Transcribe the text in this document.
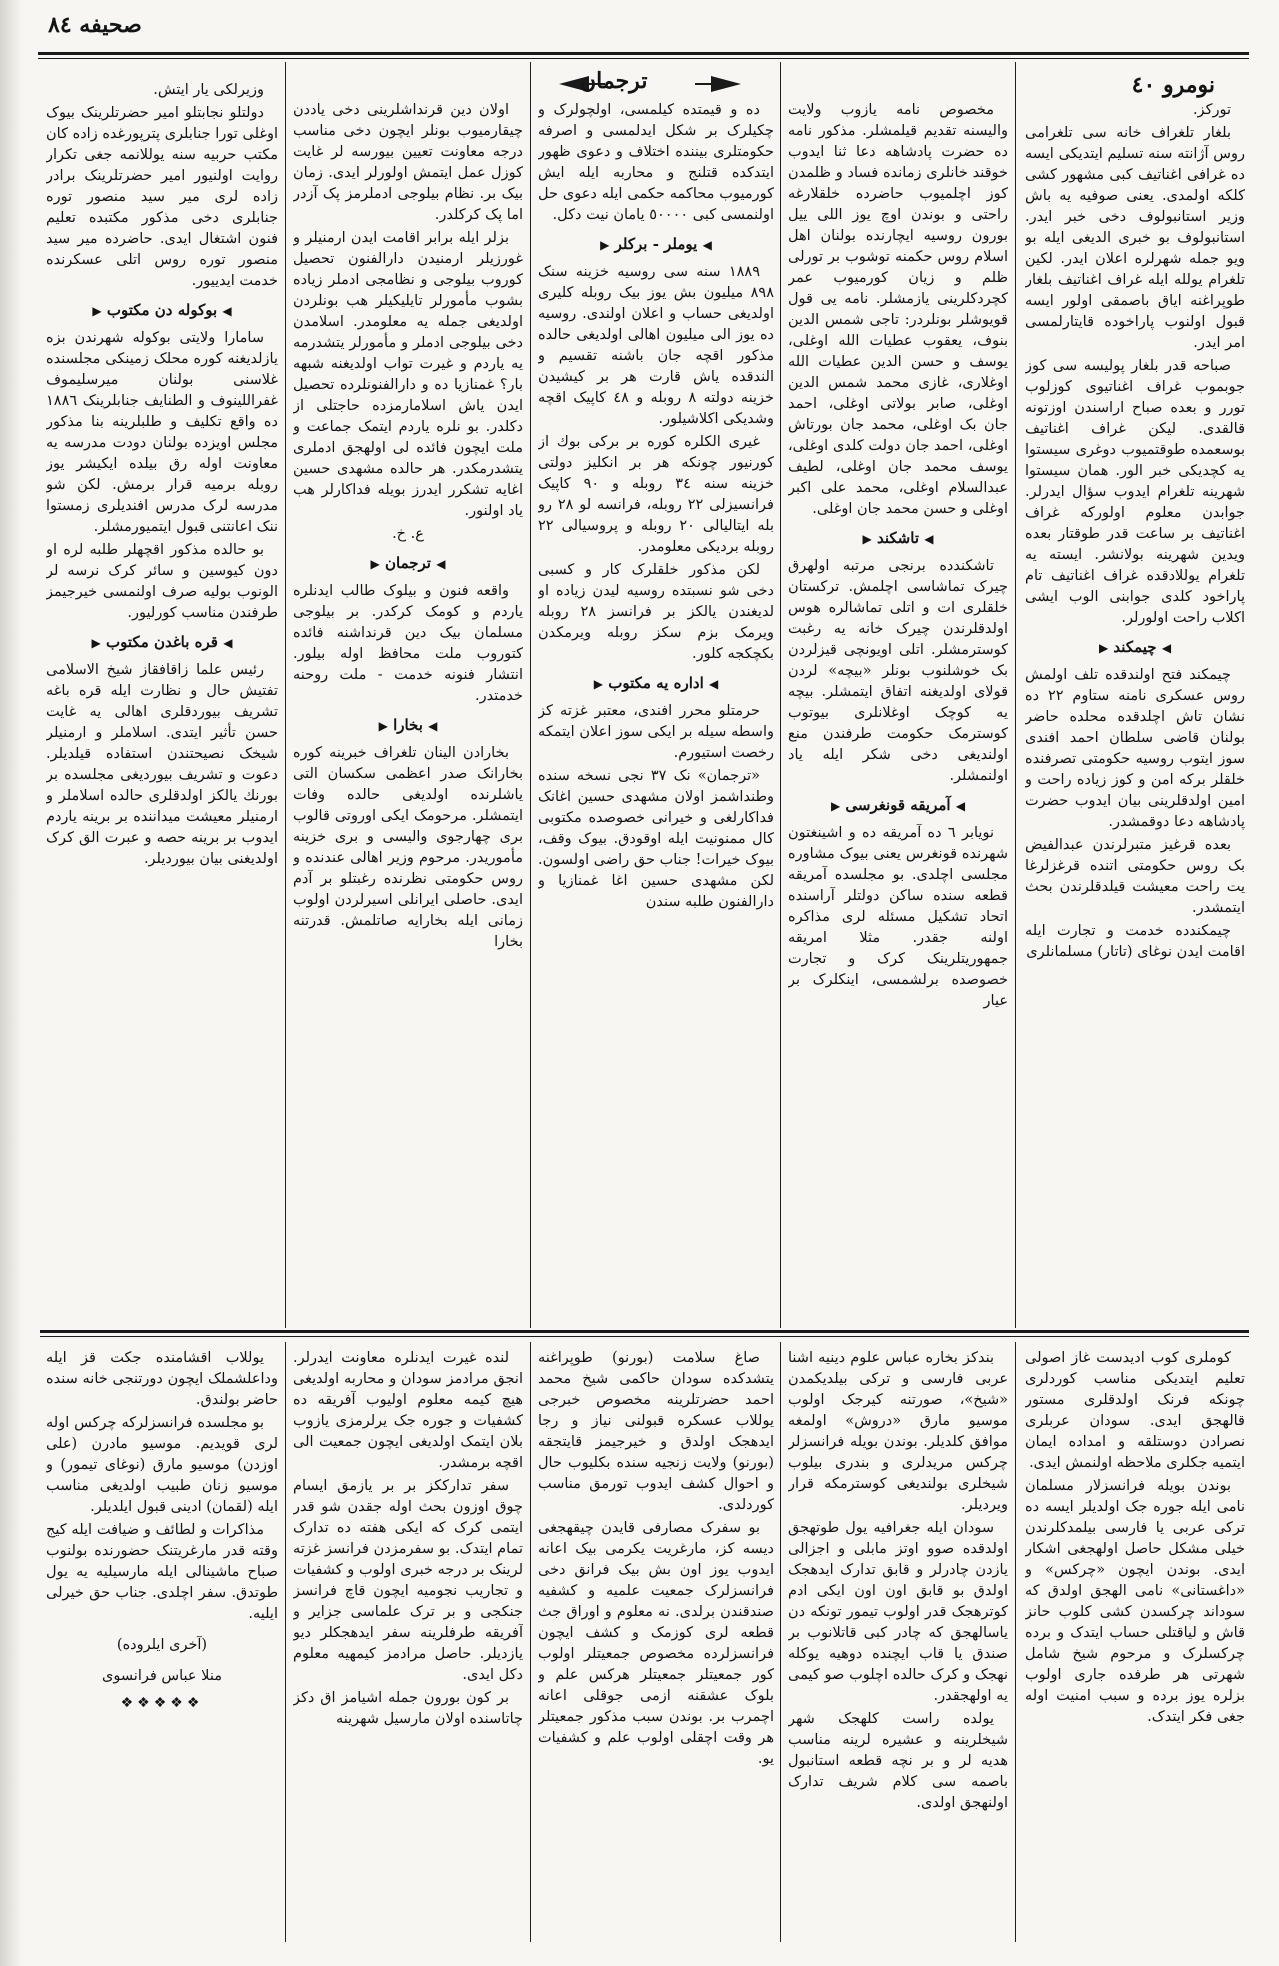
صحیفه ٨٤
نومرو ٤٠
ترجمان

تورکز.

بلغار تلغراف خانه سی تلغرامی روس آژانته سنه تسلیم ایتدیکی ایسه ده غرافی اغناتیف کبی مشهور کشی کلکه اولمدی. یعنی صوفیه یه باش وزیر استانبولوف دخی خبر ایدر. استانبولوف بو خبری الدیغی ایله بو ویو جمله شهرلره اعلان ایدر. لکین تلغرام یولله ایله غراف اغناتیف بلغار طوپراغنه ایاق باصمقی اولور ایسه قبول اولنوب پاراخوده قایتارلمسی امر ایدر.

صباحه قدر بلغار پولیسه سی کوز جوبموب غراف اغناتیوی کوزلوب تورر و بعده صباح اراسندن اوزتونه قالقدی. لیکن غراف اغناتیف بوسعمده طوقتمیوب دوغری سیستوا یه کچدیکی خبر الور. همان سیستوا شهرینه تلغرام ایدوب سؤال ایدرلر. جوابدن معلوم اولورکه غراف اغناتیف بر ساعت قدر طوقتار بعده ویدین شهرینه بولانشر. ایسته یه تلغرام یوللادقده غراف اغناتیف تام پاراخود کلدی جوابنی الوب ایشی اکلاب راحت اولورلر.

◀︎ چیمکند ▶︎

چیمکند فتح اولندقده تلف اولمش روس عسکری نامنه ستاوم ٢٢ ده نشان تاش اچلدقده محلده حاضر بولنان قاضی سلطان احمد افندی سوز ایتوب روسیه حکومتی تصرفنده خلقلر برکه امن و کوز زیاده راحت و امین اولدقلرینی بیان ایدوب حضرت پادشاهه دعا دوقمشدر.

بعده قرغیز متبرلرندن عبدالفیض بک روس حکومتی اتنده قرغزلرغا یت راحت معیشت قیلدقلرندن بحث ایتمشدر.

چیمکندده خدمت و تجارت ایله اقامت ایدن نوغای (تاتار) مسلمانلری

مخصوص نامه یازوب ولایت والیسنه تقدیم قیلمشلر. مذکور نامه ده حضرت پادشاهه دعا ثنا ایدوب خوقند خانلری زمانده فساد و ظلمدن کوز اچلمیوب حاضرده خلقلارغه راحتی و بوندن اوچ یوز اللی ییل بورون روسیه ایچارنده بولنان اهل اسلام روس حکمنه توشوب بر تورلی ظلم و زیان کورمیوب عمر کچردکلرینی یازمشلر. نامه یی قول قویوشلر بونلردر: تاجی شمس الدین بنوف، یعقوب عطیات الله اوغلی، یوسف و حسن الدین عطیات الله اوغلاری، غازی محمد شمس الدین اوغلی، صابر بولاتی اوغلی، احمد جان بک اوغلی، محمد جان بورتاش اوغلی، احمد جان دولت کلدی اوغلی، یوسف محمد جان اوغلی، لطیف عبدالسلام اوغلی، محمد علی اکبر اوغلی و حسن محمد جان اوغلی.

◀︎ تاشکند ▶︎

تاشکندده برنجی مرتبه اولهرق چیرک تماشاسی اچلمش. ترکستان خلقلری ات و اتلی تماشالره هوس اولدقلرندن چیرک خانه یه رغبت کوسترمشلر. اتلی اویونچی قیزلردن بک خوشلنوب بونلر «بیچه» لردن قولای اولدیغنه اتفاق ایتمشلر. بیچه یه کوچک اوغلانلری بیوتوب کوسترمک حکومت طرفندن منع اولندیغی دخی شکر ایله یاد اولنمشلر.

◀︎ آمریقه قونغرسی ▶︎

نویابر ٦ ده آمریقه ده و اشینغتون شهرنده قونغرس یعنی بیوک مشاوره مجلسی اچلدی. بو مجلسده آمریقه قطعه سنده ساکن دولتلر آراسنده اتحاد تشکیل مسئله لری مذاکره اولنه جقدر. مثلا امریقه جمهوریتلرینک کرک و تجارت خصوصده برلشمسی، اینکلرک بر عیار

ده و قیمتده کیلمسی، اولچولرک و چکیلرک بر شکل ایدلمسی و اصرفه حکومتلری بیننده اختلاف و دعوی ظهور ایتدکده قتلنج و محاربه ایله ایش کورمیوب محاکمه حکمی ایله دعوی حل اولنمسی کبی ٥٠٠٠٠ یامان نیت دکل.

◀︎ یوملر - برکلر ▶︎

١٨٨٩ سنه سی روسیه خزینه سنک ٨٩٨ میلیون بش یوز بیک روبله کلیری اولدیغی حساب و اعلان اولندی. روسیه ده یوز الی میلیون اهالی اولدیغی حالده مذکور اقچه جان باشنه تقسیم و الندقده یاش قارت هر بر کیشیدن خزینه دولته ٨ روبله و ٤٨ کاپیک اقچه وشدیکی اکلاشیلور.

غیری الکلره کوره بر برکی بوك از کورنیور چونکه هر بر انکلیز دولتی خزینه سنه ٣٤ روبله و ٩٠ کاپیک فرانسیزلی ٢٢ روبله، فرانسه لو ٢٨ رو بله ایتالیالی ٢٠ روبله و پروسیالی ٢٢ روبله بردیکی معلومدر.

لکن مذکور خلقلرک کار و کسبی دخی شو نسبتده روسیه لیدن زیاده او لدیغندن یالکز بر فرانسز ٢٨ روبله ویرمک بزم سکز روبله ویرمکدن بکچکجه کلور.

◀︎ اداره یه مکتوب ▶︎

حرمتلو محرر افندی، معتبر غزته کز واسطه سیله بر ایکی سوز اعلان ایتمکه رخصت استیورم.

«ترجمان» نک ٣٧ نجی نسخه سنده وطنداشمز اولان مشهدی حسین اغانک فداکارلغی و خیرانی خصوصده مکتوبی کال ممنونیت ایله اوقودق. بیوک وقف، بیوک خیرات! جناب حق راضی اولسون. لکن مشهدی حسین اغا غمنازیا و دارالفنون طلبه سندن

اولان دین قرنداشلرینی دخی یاددن چیقارمیوب بونلر ایچون دخی مناسب درجه معاونت تعیین بیورسه لر غایت کوزل عمل ایتمش اولورلر ایدی. زمان بیک بر. نظام بیلوجی ادملرمز پک آزدر اما پک کرکلدر.

بزلر ایله برابر اقامت ایدن ارمنیلر و غورزیلر ارمنیدن دارالفنون تحصیل کوروب بیلوجی و نظامجی ادملر زیاده بشوب مأمورلر تایلیکیلر هب بونلردن اولدیغی جمله یه معلومدر. اسلامدن دخی بیلوجی ادملر و مأمورلر یتشدرمه یه یاردم و غیرت تواب اولدیغنه شبهه بار؟ غمنازیا ده و دارالفنونلرده تحصیل ایدن یاش اسلامارمزده حاجتلی از دکلدر. بو نلره یاردم ایتمک جماعت و ملت ایچون فائده لی اولهجق ادملری یتشدرمکدر. هر حالده مشهدی حسین اغایه تشکرر ایدرز بویله فداکارلر هب یاد اولنور.

ع. خ.

◀︎ ترجمان ▶︎

واقعه فنون و بیلوک طالب ایدنلره یاردم و کومک کرکدر. بر بیلوجی مسلمان بیک دین قرنداشنه فائده کتوروب ملت محافظ اوله بیلور. انتشار فنونه خدمت - ملت روحنه خدمتدر.

◀︎ بخارا ▶︎

بخارادن الینان تلغراف خبرینه کوره بخارانک صدر اعظمی سکسان التی یاشلرنده اولدیغی حالده وفات ایتمشلر. مرحومک ایکی اوروتی قالوب بری چهارجوی والیسی و بری خزینه مأموریدر. مرحوم وزیر اهالی عندنده و روس حکومتی نظرنده رغبتلو بر آدم ایدی. حاصلی ایرانلی اسیرلردن اولوب زمانی ایله بخارایه صاتلمش. قدرتنه بخارا

وزیرلکی یار ایتش.

دولتلو نجابتلو امیر حضرتلرینک بیوک اوغلی تورا جنابلری پترپورغده زاده کان مکتب حربیه سنه یوللانمه جغی تکرار روایت اولنیور امیر حضرتلرینک برادر زاده لری میر سید منصور توره جنابلری دخی مذکور مکتبده تعلیم فنون اشتغال ایدی. حاضرده میر سید منصور توره روس اتلی عسکرنده خدمت ایدییور.

◀︎ بوکوله دن مکتوب ▶︎

سامارا ولایتی بوکوله شهرندن بزه یازلدیغنه کوره محلک زمینکی مجلسنده غلاسنی بولنان میرسلیموف غفراللینوف و الطنایف جنابلرینک ١٨٨٦ ده واقع تکلیف و طلبلرینه بنا مذکور مجلس اویزده بولنان دودت مدرسه یه معاونت اوله رق بیلده ایکیشر یوز روبله برمیه قرار برمش. لکن شو مدرسه لرک مدرس افندیلری زمستوا ننک اعانتنی قبول ایتمیورمشلر.

بو حالده مذکور اقچهلر طلبه لره او دون کیوسین و سائر کرک نرسه لر الونوب بولیه صرف اولنمسی خیرجیمز طرفندن مناسب کورلیور.

◀︎ قره باغدن مکتوب ▶︎

رئیس علما زاقافقاز شیخ الاسلامی تفتیش حال و نظارت ایله قره باغه تشریف بیوردقلری اهالی یه غایت حسن تأثیر ایتدی. اسلاملر و ارمنیلر شیخک نصیحتندن استفاده قیلدیلر. دعوت و تشریف بیوردیغی مجلسده بر بورنك یالکز اولدقلری حالده اسلاملر و ارمنیلر معیشت میداننده بر برینه یاردم ایدوب بر برینه حصه و عبرت الق کرک اولدیغنی بیان بیوردیلر.

کوملری کوب ادیدست غاز اصولی تعلیم ایتدیکی مناسب کوردلری چونکه فرنک اولدقلری مستور قالهجق ایدی. سودان عربلری نصرادن دوستلقه و امداده ایمان ایتمیه جکلری ملاحظه اولنمش ایدی.

بوندن بویله فرانسزلار مسلمان نامی ایله جوره جک اولدیلر ایسه ده ترکی عربی یا فارسی بیلمدکلرندن خیلی مشکل حاصل اولهجغی اشکار ایدی. بوندن ایچون «چرکس» و «داغستانی» نامی الهجق اولدق که سوداند چرکسدن کشی کلوب حانز قاش و لیاقتلی حساب ایتدک و برده چرکسلرک و مرحوم شیخ شامل شهرتی هر طرفده جاری اولوب بزلره یوز برده و سبب امنیت اوله جغی فکر ایتدک.

بندکز بخاره عباس علوم دینیه اشنا عربی فارسی و ترکی بیلدیکمدن «شیخ»، صورتنه کیرجک اولوب موسیو مارق «دروش» اولمغه موافق کلدیلر. بوندن بویله فرانسزلر چرکس مریدلری و بندری بیلوب شیخلری بولندیغی کوسترمکه قرار ویردیلر.

سودان ایله جغرافیه یول طوتهجق اولدقده صوو اوتز مابلی و اجزالی یازدن چادرلر و قابق تدارک ایدهجک اولدق بو قابق اون اون ایکی ادم کوترهجک قدر اولوب تیمور تونکه دن یاسالهجق که چادر کبی قاتلانوب بر صندق یا قاب ایچنده دوهیه یوکله نهجک و کرک حالده اچلوب صو کیمی یه اولهجقدر.

یولده راست کلهجک شهر شیخلرینه و عشیره لرینه مناسب هدیه لر و بر نچه قطعه استانبول باصمه سی کلام شریف تدارک اولنهجق اولدی.

صاغ سلامت (بورنو) طوپراغنه یتشدکده سودان حاکمی شیخ محمد احمد حضرتلرینه مخصوص خبرجی یوللاب عسکره قبولنی نیاز و رجا ایدهجک اولدق و خیرجیمز قایتجقه (بورنو) ولایت زنجیه سنده بکلیوب حال و احوال کشف ایدوب تورمق مناسب کوردلدی.

بو سفرک مصارفی قایدن چیقهجغی دیسه کز، مارغریت یکرمی بیک اعانه ایدوب یوز اون بش بیک فرانق دخی فرانسزلرک جمعیت علمیه و کشفیه صندقندن برلدی. نه معلوم و اوراق جث قطعه لری کوزمک و کشف ایچون فرانسزلرده مخصوص جمعیتلر اولوب کور جمعیتلر جمعیتلر هرکس علم و بلوک عشقنه ازمی جوقلی اعانه اچمرب بر. بوندن سبب مذکور جمعیتلر هر وقت اچقلی اولوب علم و کشفیات یو.

لنده غیرت ایدنلره معاونت ایدرلر. انجق مرادمز سودان و محاربه اولدیغی هیچ کیمه معلوم اولیوب آفریقه ده کشفیات و جوره جک یرلرمزی یازوب بلان ایتمک اولدیغی ایچون جمعیت الی اقچه برمشدر.

سفر تدارککز بر بر یازمق ایسام چوق اوزون بحث اوله جقدن شو قدر ایتمی کرک که ایکی هفته ده تدارک تمام ایتدک. بو سفرمزدن فرانسز غزته لرینک بر درجه خبری اولوب و کشفیات و تجاریب نجومیه ایچون قاچ فرانسز جنکجی و بر ترک علماسی جزایر و آفریقه طرفلرینه سفر ایدهجکلر دیو یازدیلر. حاصل مرادمز کیمهیه معلوم دکل ایدی.

بر کون بورون جمله اشیامز اق دکز چاتاسنده اولان مارسیل شهرینه

یوللاب اقشامنده جکت قز ایله وداعلشملک ایچون دورتنجی خانه سنده حاضر بولندق.

بو مجلسده فرانسزلرکه چرکس اوله لری قویدیم. موسیو مادرن (علی اوزدن) موسیو مارق (نوغای تیمور) و موسیو زنان طبیب اولدیغی مناسب ایله (لقمان) ادینی قبول ایلدیلر.

مذاکرات و لطائف و ضیافت ایله کیج وقته قدر مارغریتنک حضورنده بولنوب صباح ماشینالی ایله مارسیلیه یه یول طوتدق. سفر اچلدی. جناب حق خیرلی ایلیه.

(آخری ایلروده)
منلا عباس فرانسوی
❖❖❖❖❖
